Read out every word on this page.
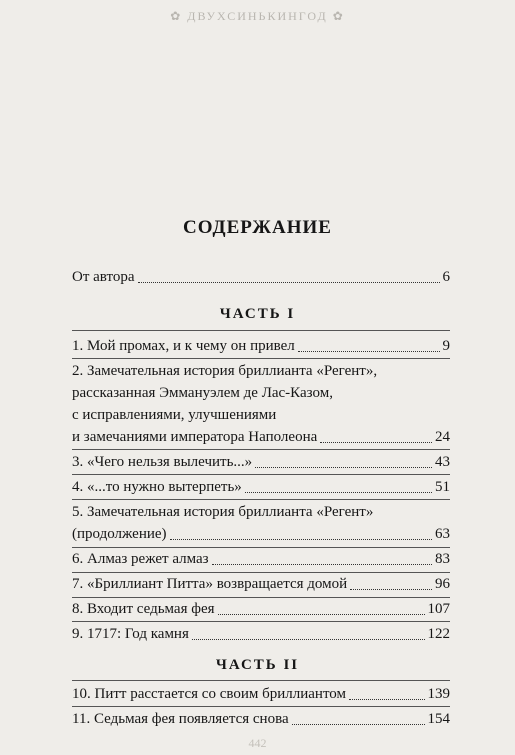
✿ ДВУХСИНЬКИНГОД ✿
СОДЕРЖАНИЕ
От автора	6
ЧАСТЬ I
1. Мой промах, и к чему он привел	9
2. Замечательная история бриллианта «Регент»,
рассказанная Эммануэлем де Лас-Казом,
с исправлениями, улучшениями
и замечаниями императора Наполеона	24
3. «Чего нельзя вылечить...»	43
4. «...то нужно вытерпеть»	51
5. Замечательная история бриллианта «Регент»
(продолжение)	63
6. Алмаз режет алмаз	83
7. «Бриллиант Питта» возвращается домой	96
8. Входит седьмая фея	107
9. 1717: Год камня	122
ЧАСТЬ II
10. Питт расстается со своим бриллиантом	139
11. Седьмая фея появляется снова	154
442
